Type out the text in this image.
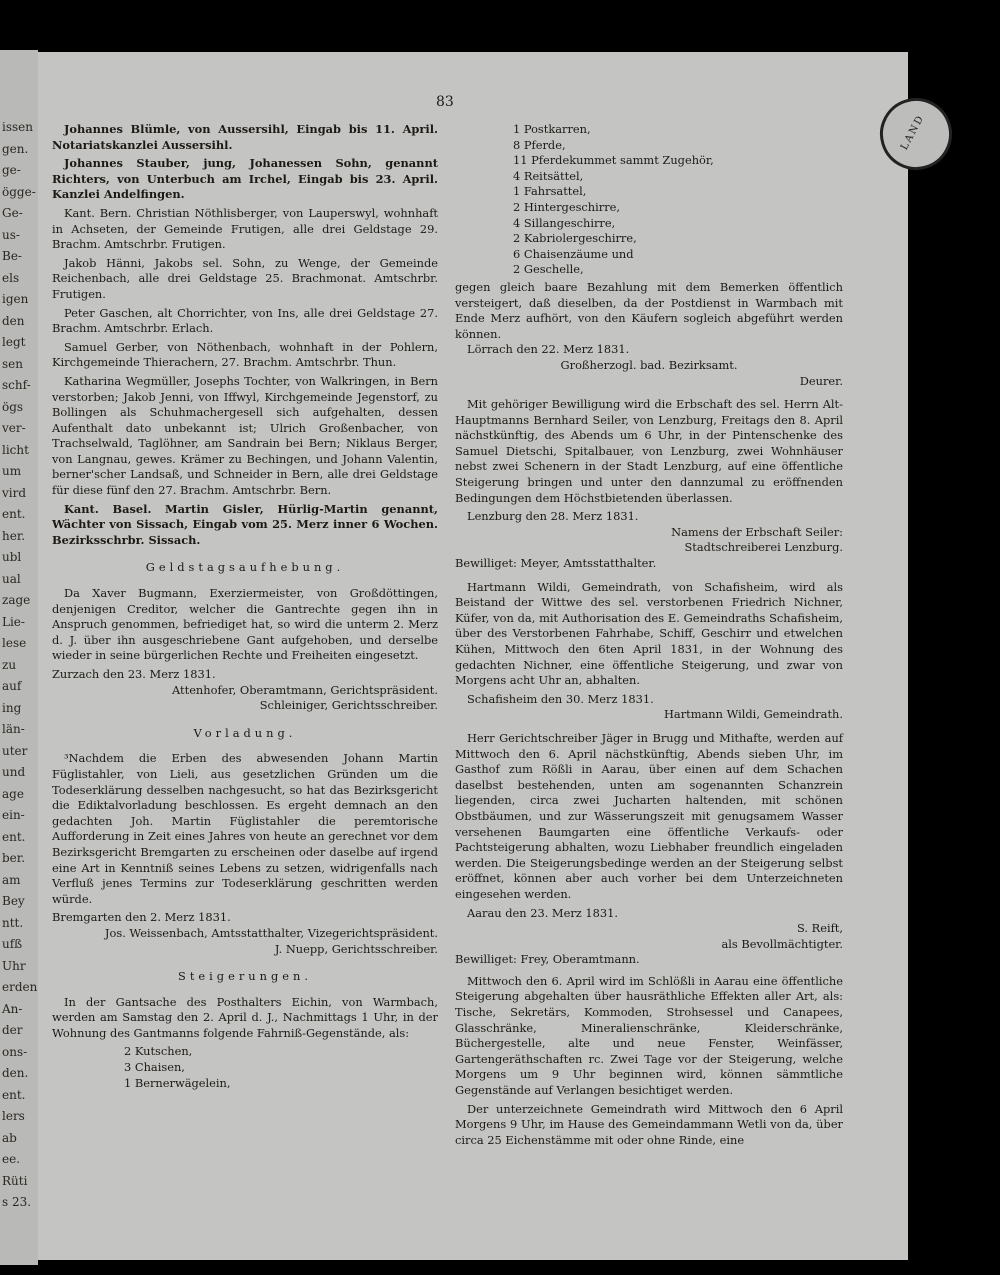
issen
gen.
ge-
ögge-
Ge-
us-
Be-
els
igen
den
legt
sen
schf-
ögs
ver-
licht
um
vird
ent.
her.
ubl
ual
zage
Lie-
lese
zu
auf
ing
län-
uter
und
age
ein-
ent.
ber.
am
Bey
ntt.
ufß
Uhr
erden
An-
der
ons-
den.
ent.
lers
ab
ee.
Rüti
s 23.
83
LAND

Johannes Blümle, von Aussersihl, Eingab bis 11. April. Notariatskanzlei Aussersihl.

Johannes Stauber, jung, Johanessen Sohn, genannt Richters, von Unterbuch am Irchel, Eingab bis 23. April. Kanzlei Andelfingen.

Kant. Bern. Christian Nöthlisberger, von Lauperswyl, wohnhaft in Achseten, der Gemeinde Frutigen, alle drei Geldstage 29. Brachm. Amtschrbr. Frutigen.

Jakob Hänni, Jakobs sel. Sohn, zu Wenge, der Gemeinde Reichenbach, alle drei Geldstage 25. Brachmonat. Amtschrbr. Frutigen.

Peter Gaschen, alt Chorrichter, von Ins, alle drei Geldstage 27. Brachm. Amtschrbr. Erlach.

Samuel Gerber, von Nöthenbach, wohnhaft in der Pohlern, Kirchgemeinde Thierachern, 27. Brachm. Amtschrbr. Thun.

Katharina Wegmüller, Josephs Tochter, von Walkringen, in Bern verstorben; Jakob Jenni, von Iffwyl, Kirchgemeinde Jegenstorf, zu Bollingen als Schuhmachergesell sich aufgehalten, dessen Aufenthalt dato unbekannt ist; Ulrich Großenbacher, von Trachselwald, Taglöhner, am Sandrain bei Bern; Niklaus Berger, von Langnau, gewes. Krämer zu Bechingen, und Johann Valentin, berner'scher Landsaß, und Schneider in Bern, alle drei Geldstage für diese fünf den 27. Brachm. Amtschrbr. Bern.

Kant. Basel. Martin Gisler, Hürlig-Martin genannt, Wächter von Sissach, Eingab vom 25. Merz inner 6 Wochen. Bezirksschrbr. Sissach.

Geldstagsaufhebung.

Da Xaver Bugmann, Exerziermeister, von Großdöttingen, denjenigen Creditor, welcher die Gantrechte gegen ihn in Anspruch genommen, befriediget hat, so wird die unterm 2. Merz d. J. über ihn ausgeschriebene Gant aufgehoben, und derselbe wieder in seine bürgerlichen Rechte und Freiheiten eingesetzt.

Zurzach den 23. Merz 1831.

Attenhofer, Oberamtmann, Gerichtspräsident.

Schleiniger, Gerichtsschreiber.

Vorladung.

³Nachdem die Erben des abwesenden Johann Martin Füglistahler, von Lieli, aus gesetzlichen Gründen um die Todeserklärung desselben nachgesucht, so hat das Bezirksgericht die Ediktalvorladung beschlossen. Es ergeht demnach an den gedachten Joh. Martin Füglistahler die peremtorische Aufforderung in Zeit eines Jahres von heute an gerechnet vor dem Bezirksgericht Bremgarten zu erscheinen oder daselbe auf irgend eine Art in Kenntniß seines Lebens zu setzen, widrigenfalls nach Verfluß jenes Termins zur Todeserklärung geschritten werden würde.

Bremgarten den 2. Merz 1831.

Jos. Weissenbach, Amtsstatthalter, Vizegerichtspräsident.

J. Nuepp, Gerichtsschreiber.

Steigerungen.

In der Gantsache des Posthalters Eichin, von Warmbach, werden am Samstag den 2. April d. J., Nachmittags 1 Uhr, in der Wohnung des Gantmanns folgende Fahrniß-Gegenstände, als:

2 Kutschen,
3 Chaisen,
1 Bernerwägelein,
1 Postkarren,
8 Pferde,
11 Pferdekummet sammt Zugehör,
4 Reitsättel,
1 Fahrsattel,
2 Hintergeschirre,
4 Sillangeschirre,
2 Kabriolergeschirre,
6 Chaisenzäume und
2 Geschelle,

gegen gleich baare Bezahlung mit dem Bemerken öffentlich versteigert, daß dieselben, da der Postdienst in Warmbach mit Ende Merz aufhört, von den Käufern sogleich abgeführt werden können.

Lörrach den 22. Merz 1831.

Großherzogl. bad. Bezirksamt.

Deurer.

Mit gehöriger Bewilligung wird die Erbschaft des sel. Herrn Alt-Hauptmanns Bernhard Seiler, von Lenzburg, Freitags den 8. April nächstkünftig, des Abends um 6 Uhr, in der Pintenschenke des Samuel Dietschi, Spitalbauer, von Lenzburg, zwei Wohnhäuser nebst zwei Schenern in der Stadt Lenzburg, auf eine öffentliche Steigerung bringen und unter den dannzumal zu eröffnenden Bedingungen dem Höchstbietenden überlassen.

Lenzburg den 28. Merz 1831.

Namens der Erbschaft Seiler:

Stadtschreiberei Lenzburg.

Bewilliget: Meyer, Amtsstatthalter.

Hartmann Wildi, Gemeindrath, von Schafisheim, wird als Beistand der Wittwe des sel. verstorbenen Friedrich Nichner, Küfer, von da, mit Authorisation des E. Gemeindraths Schafisheim, über des Verstorbenen Fahrhabe, Schiff, Geschirr und etwelchen Kühen, Mittwoch den 6ten April 1831, in der Wohnung des gedachten Nichner, eine öffentliche Steigerung, und zwar von Morgens acht Uhr an, abhalten.

Schafisheim den 30. Merz 1831.

Hartmann Wildi, Gemeindrath.

Herr Gerichtschreiber Jäger in Brugg und Mithafte, werden auf Mittwoch den 6. April nächstkünftig, Abends sieben Uhr, im Gasthof zum Rößli in Aarau, über einen auf dem Schachen daselbst bestehenden, unten am sogenannten Schanzrein liegenden, circa zwei Jucharten haltenden, mit schönen Obstbäumen, und zur Wässerungszeit mit genugsamem Wasser versehenen Baumgarten eine öffentliche Verkaufs- oder Pachtsteigerung abhalten, wozu Liebhaber freundlich eingeladen werden. Die Steigerungsbedinge werden an der Steigerung selbst eröffnet, können aber auch vorher bei dem Unterzeichneten eingesehen werden.

Aarau den 23. Merz 1831.

S. Reift,

als Bevollmächtigter.

Bewilliget: Frey, Oberamtmann.

Mittwoch den 6. April wird im Schlößli in Aarau eine öffentliche Steigerung abgehalten über hausräthliche Effekten aller Art, als: Tische, Sekretärs, Kommoden, Strohsessel und Canapees, Glasschränke, Mineralienschränke, Kleiderschränke, Büchergestelle, alte und neue Fenster, Weinfässer, Gartengeräthschaften rc. Zwei Tage vor der Steigerung, welche Morgens um 9 Uhr beginnen wird, können sämmtliche Gegenstände auf Verlangen besichtiget werden.

Der unterzeichnete Gemeindrath wird Mittwoch den 6 April Morgens 9 Uhr, im Hause des Gemeindammann Wetli von da, über circa 25 Eichenstämme mit oder ohne Rinde, eine
